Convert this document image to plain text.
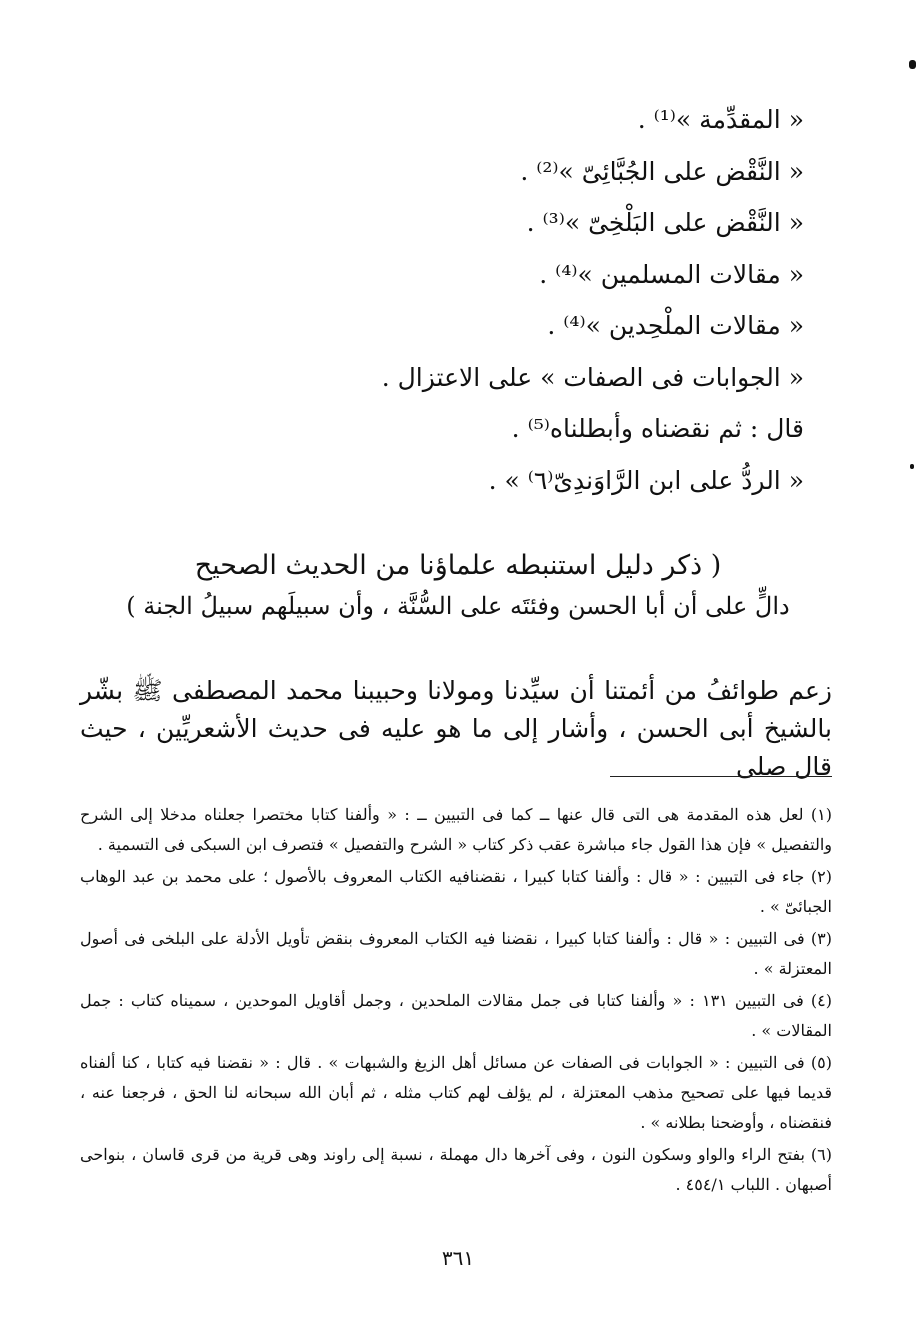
« المقدِّمة »⁽¹⁾ .
« النَّقْض على الجُبَّائِىّ »⁽²⁾ .
« النَّقْض على البَلْخِىّ »⁽³⁾ .
« مقالات المسلمين »⁽⁴⁾ .
« مقالات الملْحِدين »⁽⁴⁾ .
« الجوابات فى الصفات » على الاعتزال .
قال : ثم نقضناه وأبطلناه⁽⁵⁾ .
« الردُّ على ابن الرَّاوَندِىّ⁽٦⁾ » .
( ذكر دليل استنبطه علماؤنا من الحديث الصحيح
دالٍّ على أن أبا الحسن وفئتَه على السُّنَّة ، وأن سبيلَهم سبيلُ الجنة )

زعم طوائفُ من أئمتنا أن سيِّدنا ومولانا وحبيبنا محمد المصطفى ﷺ بشّر بالشيخ أبى الحسن ، وأشار إلى ما هو عليه فى حديث الأشعريِّين ، حيث قال صلى

(١) لعل هذه المقدمة هى التى قال عنها ــ كما فى التبيين ــ : « وألفنا كتابا مختصرا جعلناه مدخلا إلى الشرح والتفصيل » فإن هذا القول جاء مباشرة عقب ذكر كتاب « الشرح والتفصيل » فتصرف ابن السبكى فى التسمية .

(٢) جاء فى التبيين : « قال : وألفنا كتابا كبيرا ، نقضنافيه الكتاب المعروف بالأصول ؛ على محمد بن عبد الوهاب الجبائىّ » .

(٣) فى التبيين : « قال : وألفنا كتابا كبيرا ، نقضنا فيه الكتاب المعروف بنقض تأويل الأدلة على البلخى فى أصول المعتزلة » .

(٤) فى التبيين ١٣١ : « وألفنا كتابا فى جمل مقالات الملحدين ، وجمل أقاويل الموحدين ، سميناه كتاب : جمل المقالات » .

(٥) فى التبيين : « الجوابات فى الصفات عن مسائل أهل الزيغ والشبهات » . قال : « نقضنا فيه كتابا ، كنا ألفناه قديما فيها على تصحيح مذهب المعتزلة ، لم يؤلف لهم كتاب مثله ، ثم أبان الله سبحانه لنا الحق ، فرجعنا عنه ، فنقضناه ، وأوضحنا بطلانه » .

(٦) بفتح الراء والواو وسكون النون ، وفى آخرها دال مهملة ، نسبة إلى راوند وهى قرية من قرى قاسان ، بنواحى أصبهان . اللباب ٤٥٤/١ .

٣٦١
